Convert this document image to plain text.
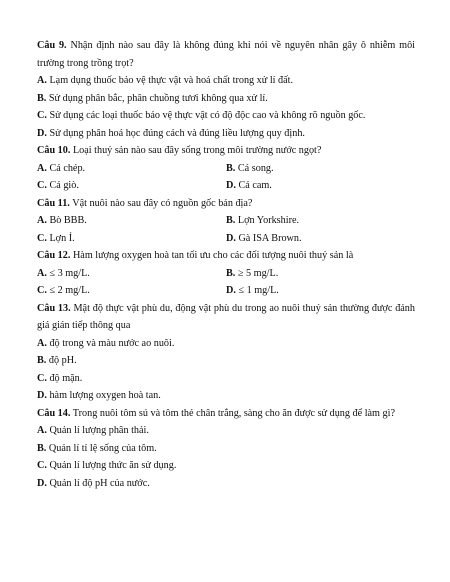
Câu 9. Nhận định nào sau đây là không đúng khi nói về nguyên nhân gây ô nhiễm môi trường trong trồng trọt?
A. Lạm dụng thuốc bảo vệ thực vật và hoá chất trong xử lí đất.
B. Sử dụng phân bắc, phân chuồng tươi không qua xử lí.
C. Sử dụng các loại thuốc bảo vệ thực vật có độ độc cao và không rõ nguồn gốc.
D. Sử dụng phân hoá học đúng cách và đúng liều lượng quy định.
Câu 10. Loại thuỷ sản nào sau đây sống trong môi trường nước ngọt?
A. Cá chép.	B. Cá song.
C. Cá giò.	D. Cá cam.
Câu 11. Vật nuôi nào sau đây có nguồn gốc bản địa?
A. Bò BBB.	B. Lợn Yorkshire.
C. Lợn Ỉ.	D. Gà ISA Brown.
Câu 12. Hàm lượng oxygen hoà tan tối ưu cho các đối tượng nuôi thuỷ sản là
A. ≤ 3 mg/L.	B. ≥ 5 mg/L.
C. ≤ 2 mg/L.	D. ≤ 1 mg/L.
Câu 13. Mật độ thực vật phù du, động vật phù du trong ao nuôi thuỷ sản thường được đánh giá gián tiếp thông qua
A. độ trong và màu nước ao nuôi.
B. độ pH.
C. độ mặn.
D. hàm lượng oxygen hoà tan.
Câu 14. Trong nuôi tôm sú và tôm thẻ chân trắng, sàng cho ăn được sử dụng để làm gì?
A. Quản lí lượng phân thải.
B. Quản lí tỉ lệ sống của tôm.
C. Quản lí lượng thức ăn sử dụng.
D. Quản lí độ pH của nước.
